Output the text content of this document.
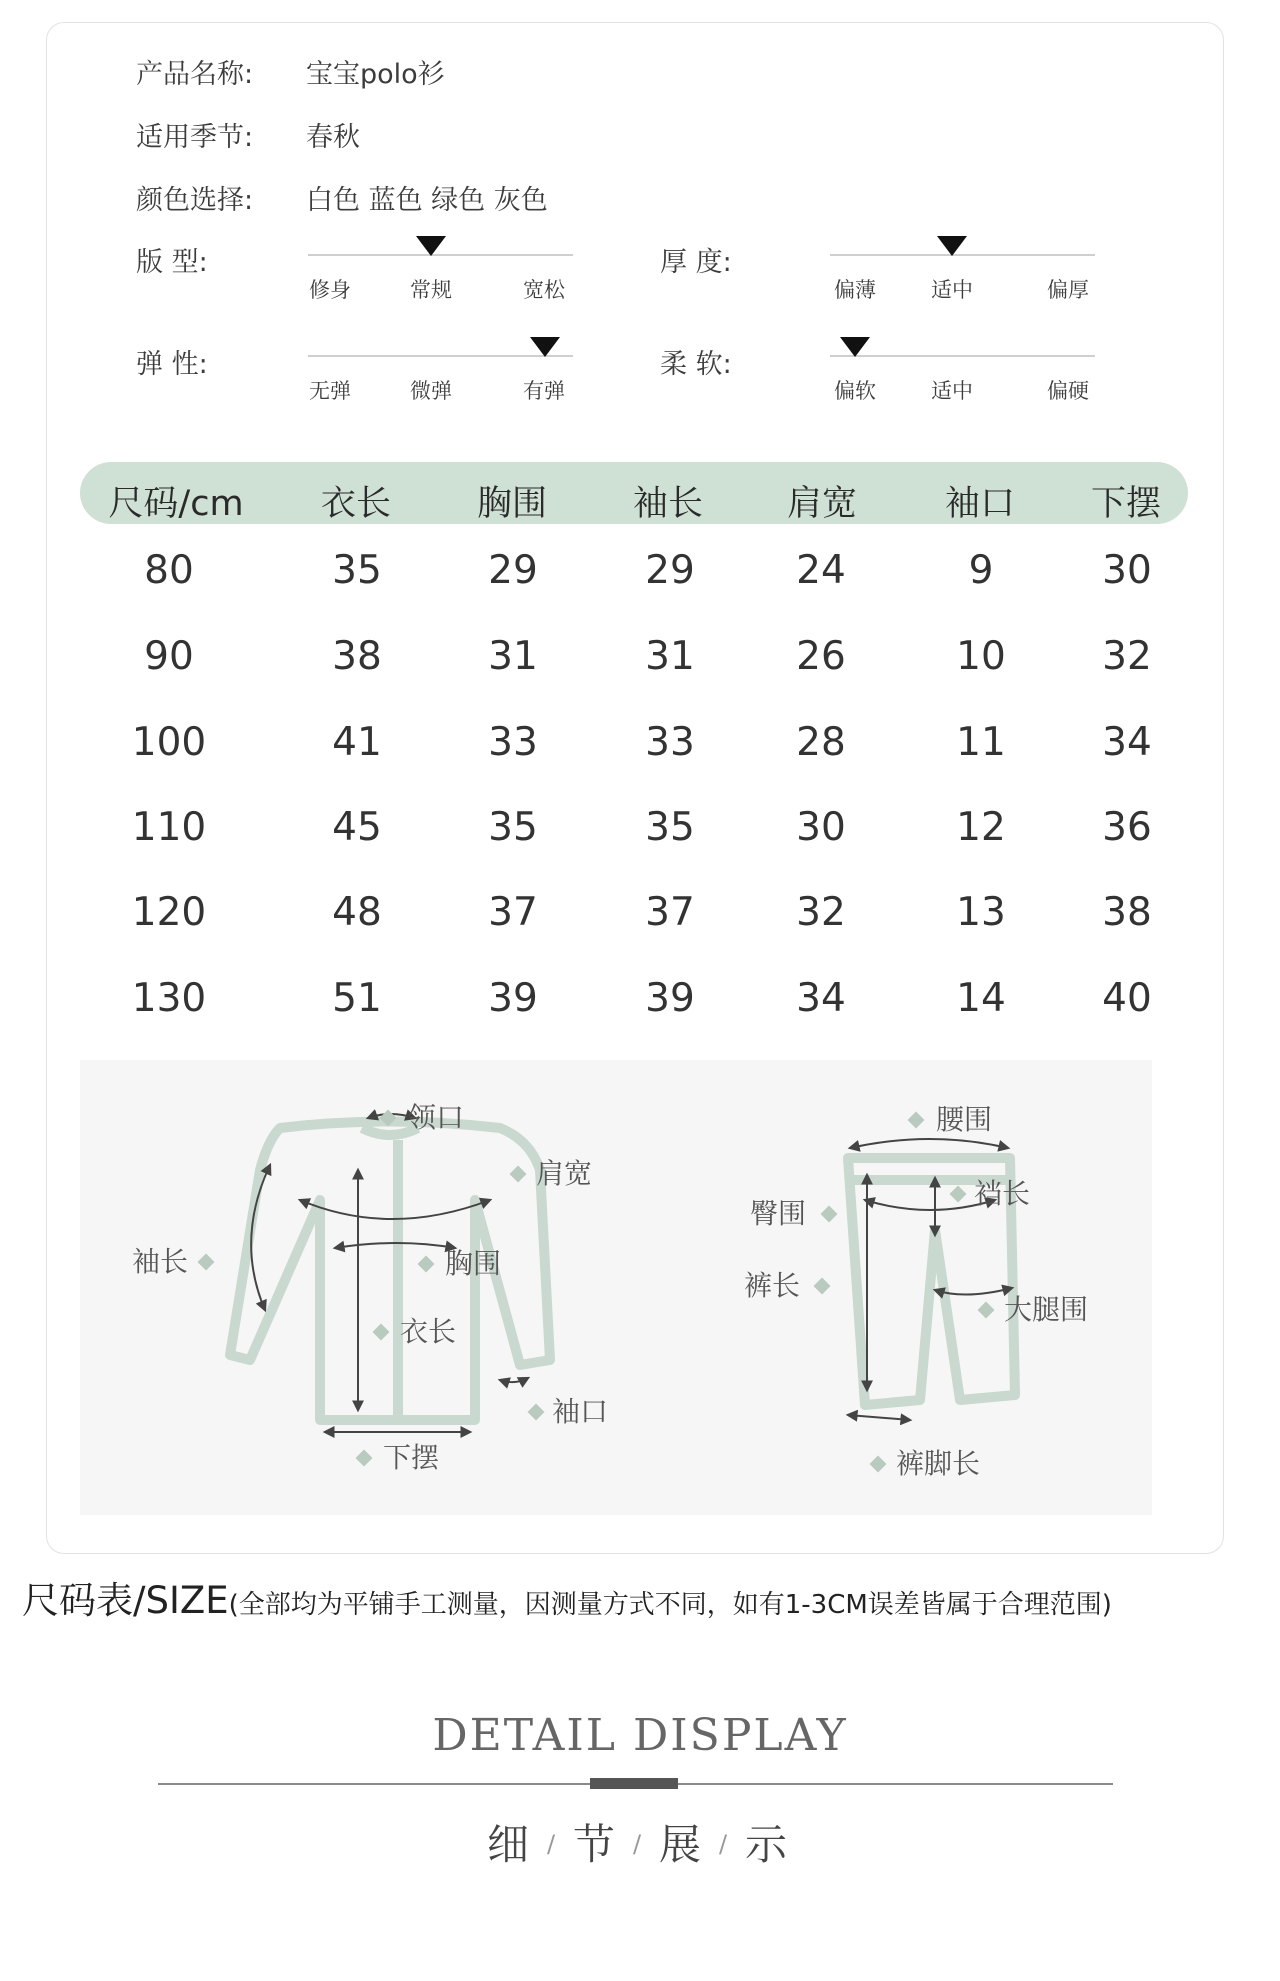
产品名称: 宝宝polo衫
适用季节: 春秋
颜色选择: 白色 蓝色 绿色 灰色
版 型:
修身	常规	宽松
厚 度:
偏薄	适中	偏厚
弹 性:
无弹	微弹	有弹
柔 软:
偏软	适中	偏硬
尺码/cm 衣长 胸围 袖长 肩宽	袖口 下摆
80	35	29	29	24	9	30
90	38	31	31	26	10 32
100	41	33	33	28	11 34
110	45	35	35	30	12 36
120	48	37	37	32	13 38
130	51	39	39	34	14 40
领口
肩宽
袖长	胸围
衣长
袖口
下摆
腰围
裆长
臀围
裤长
大腿围
裤脚长
尺码表/SIZE(全部均为平铺手工测量，因测量方式不同，如有1-3CM误差皆属于合理范围)
DETAIL DISPLAY
细 / 节 / 展 / 示
